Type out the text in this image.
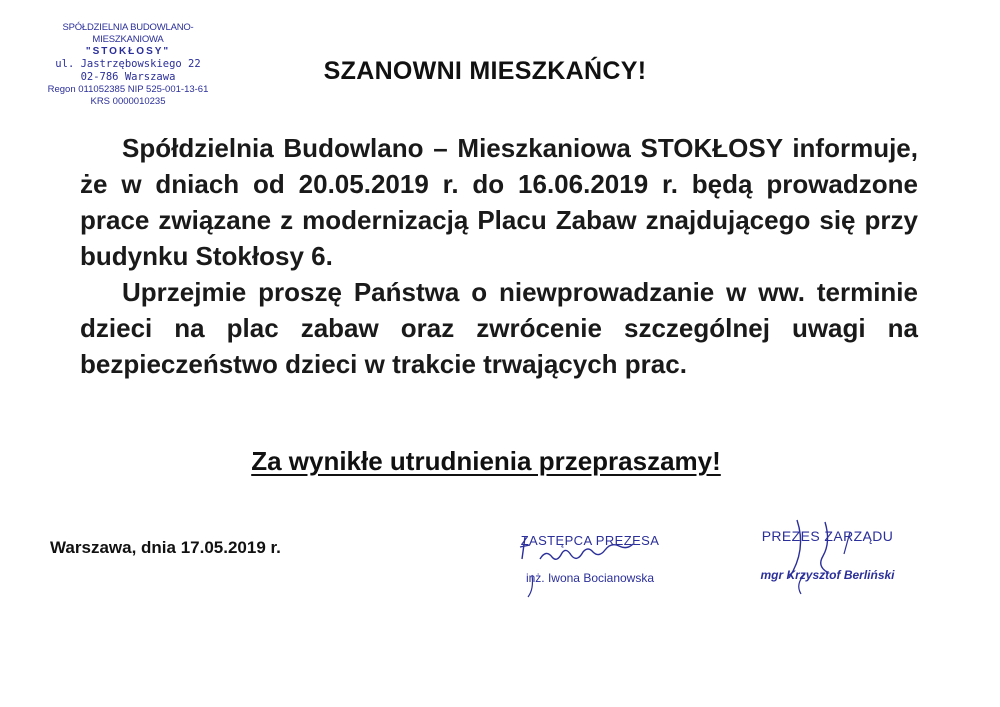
SPÓŁDZIELNIA BUDOWLANO-MIESZKANIOWA
"STOKŁOSY"
ul. Jastrzębowskiego 22
02-786 Warszawa
Regon 011052385 NIP 525-001-13-61
KRS 0000010235
SZANOWNI MIESZKAŃCY!

Spółdzielnia Budowlano – Mieszkaniowa STOKŁOSY informuje, że w dniach od 20.05.2019 r. do 16.06.2019 r. będą prowadzone prace związane z modernizacją Placu Zabaw znajdującego się przy budynku Stokłosy 6.

Uprzejmie proszę Państwa o niewprowadzanie w ww. terminie dzieci na plac zabaw oraz zwrócenie szczególnej uwagi na bezpieczeństwo dzieci w trakcie trwających prac.

Za wynikłe utrudnienia przepraszamy!
Warszawa, dnia 17.05.2019 r.	ZASTĘPCA PREZESA
inż. Iwona Bocianowska
PREZES ZARZĄDU
mgr Krzysztof Berliński
